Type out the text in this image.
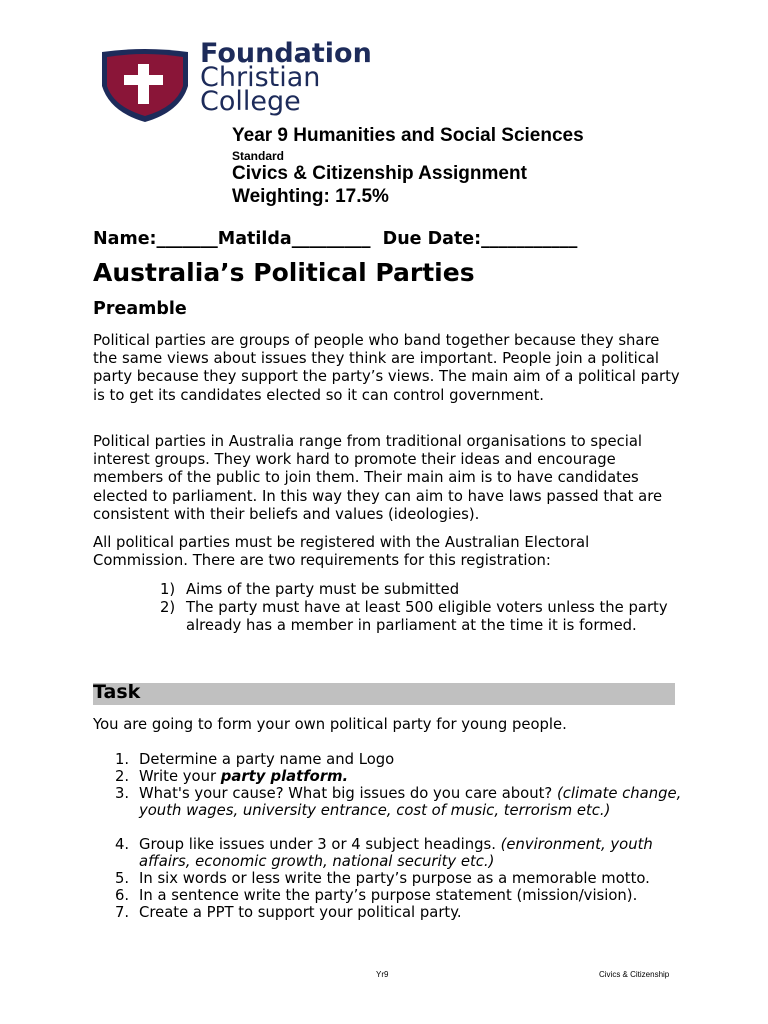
Foundation
Christian
College
Year 9 Humanities and Social Sciences
Standard
Civics & Citizenship Assignment
Weighting: 17.5%
Name:_______Matilda_________  Due Date:___________
Australia’s Political Parties
Preamble
Political parties are groups of people who band together because they share the same views about issues they think are important. People join a political party because they support the party’s views. The main aim of a political party is to get its candidates elected so it can control government.
Political parties in Australia range from traditional organisations to special interest groups. They work hard to promote their ideas and encourage members of the public to join them. Their main aim is to have candidates elected to parliament. In this way they can aim to have laws passed that are consistent with their beliefs and values (ideologies).
All political parties must be registered with the Australian Electoral Commission. There are two requirements for this registration:
1) Aims of the party must be submitted
2) The party must have at least 500 eligible voters unless the party already has a member in parliament at the time it is formed.
Task
You are going to form your own political party for young people.
1. Determine a party name and Logo
2. Write your party platform.
3. What's your cause? What big issues do you care about? (climate change, youth wages, university entrance, cost of music, terrorism etc.)
4. Group like issues under 3 or 4 subject headings. (environment, youth affairs, economic growth, national security etc.)
5. In six words or less write the party’s purpose as a memorable motto.
6. In a sentence write the party’s purpose statement (mission/vision).
7. Create a PPT to support your political party.
Yr9	Civics & Citizenship
